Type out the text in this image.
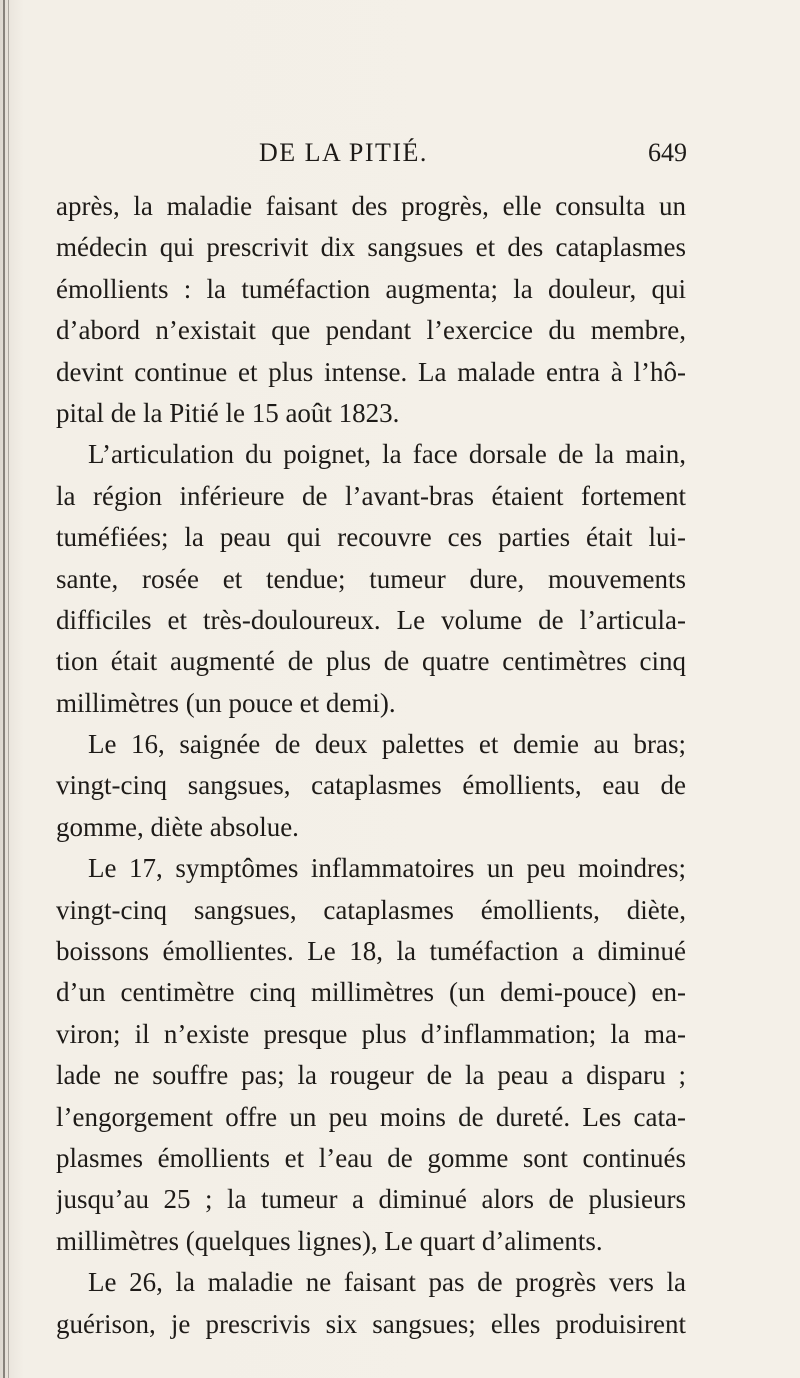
DE LA PITIÉ.	649
après, la maladie faisant des progrès, elle consulta un
médecin qui prescrivit dix sangsues et des cataplasmes
émollients : la tuméfaction augmenta; la douleur, qui
d’abord n’existait que pendant l’exercice du membre,
devint continue et plus intense. La malade entra à l’hô-
pital de la Pitié le 15 août 1823.
L’articulation du poignet, la face dorsale de la main,
la région inférieure de l’avant-bras étaient fortement
tuméfiées; la peau qui recouvre ces parties était lui-
sante, rosée et tendue; tumeur dure, mouvements
difficiles et très-douloureux. Le volume de l’articula-
tion était augmenté de plus de quatre centimètres cinq
millimètres (un pouce et demi).
Le 16, saignée de deux palettes et demie au bras;
vingt-cinq sangsues, cataplasmes émollients, eau de
gomme, diète absolue.
Le 17, symptômes inflammatoires un peu moindres;
vingt-cinq sangsues, cataplasmes émollients, diète,
boissons émollientes. Le 18, la tuméfaction a diminué
d’un centimètre cinq millimètres (un demi-pouce) en-
viron; il n’existe presque plus d’inflammation; la ma-
lade ne souffre pas; la rougeur de la peau a disparu ;
l’engorgement offre un peu moins de dureté. Les cata-
plasmes émollients et l’eau de gomme sont continués
jusqu’au 25 ; la tumeur a diminué alors de plusieurs
millimètres (quelques lignes), Le quart d’aliments.
Le 26, la maladie ne faisant pas de progrès vers la
guérison, je prescrivis six sangsues; elles produisirent
